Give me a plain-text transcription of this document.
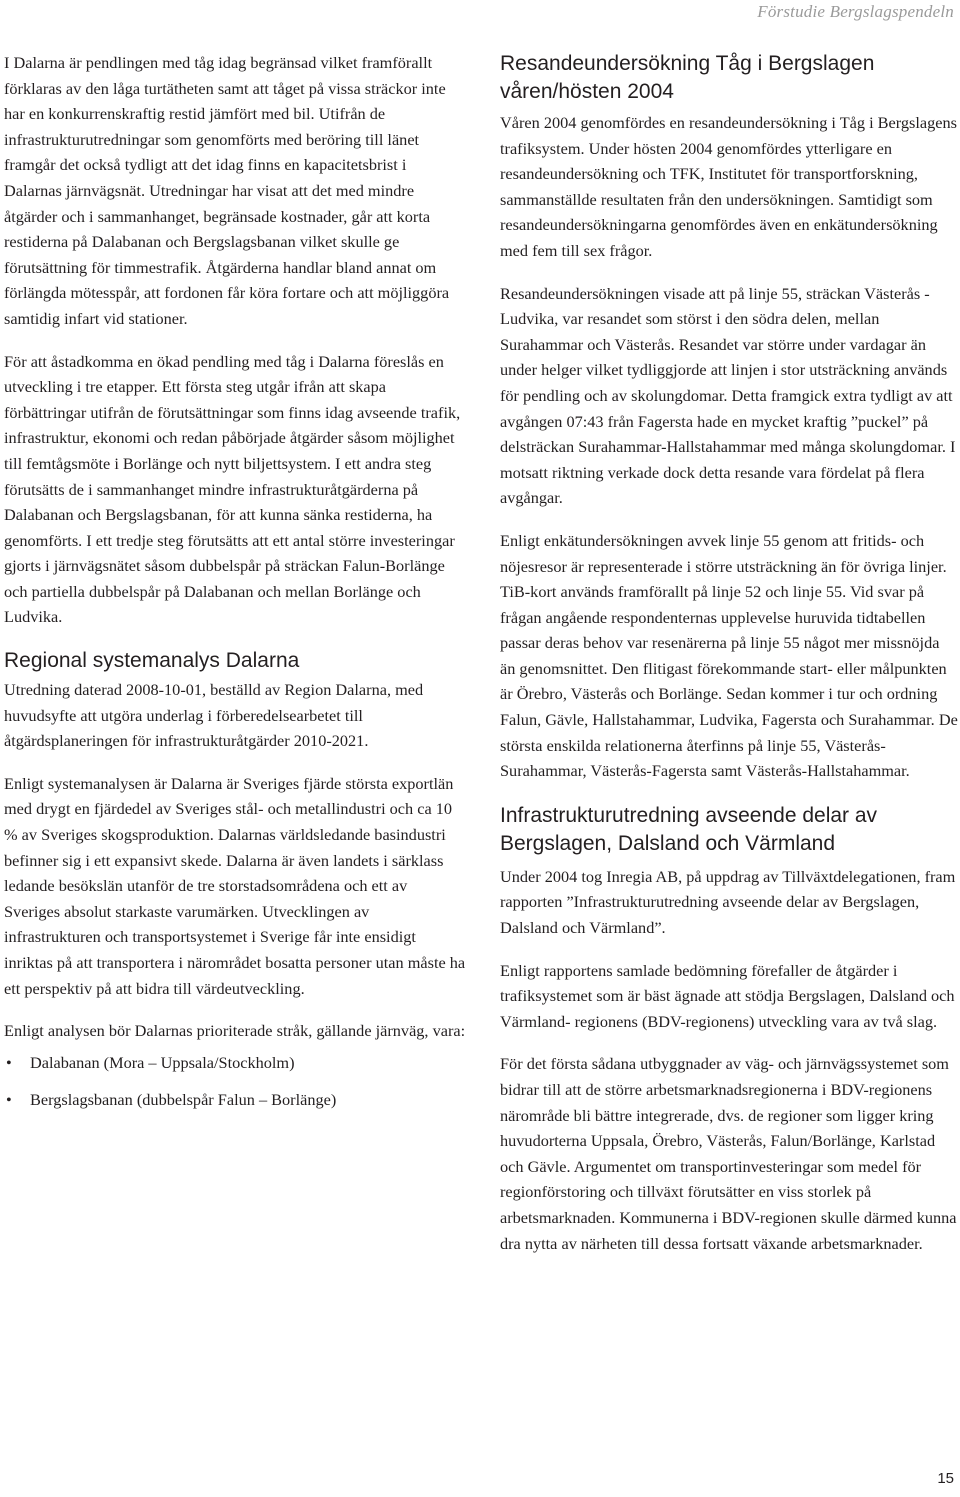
Förstudie Bergslagspendeln

I Dalarna är pendlingen med tåg idag begränsad vilket framförallt förklaras av den låga turtätheten samt att tåget på vissa sträckor inte har en konkurrenskraftig restid jämfört med bil. Utifrån de infrastrukturutredningar som genomförts med beröring till länet framgår det också tydligt att det idag finns en kapacitetsbrist i Dalarnas järnvägsnät. Utredningar har visat att det med mindre åtgärder och i sammanhanget, begränsade kostnader, går att korta restiderna på Dalabanan och Bergslagsbanan vilket skulle ge förutsättning för timmestrafik. Åtgärderna handlar bland annat om förlängda mötesspår, att fordonen får köra fortare och att möjliggöra samtidig infart vid stationer.

För att åstadkomma en ökad pendling med tåg i Dalarna föreslås en utveckling i tre etapper. Ett första steg utgår ifrån att skapa förbättringar utifrån de förutsättningar som finns idag avseende trafik, infrastruktur, ekonomi och redan påbörjade åtgärder såsom möjlighet till femtågsmöte i Borlänge och nytt biljettsystem. I ett andra steg förutsätts de i sammanhanget mindre infrastrukturåtgärderna på Dalabanan och Bergslagsbanan, för att kunna sänka restiderna, ha genomförts. I ett tredje steg förutsätts att ett antal större investeringar gjorts i järnvägsnätet såsom dubbelspår på sträckan Falun-Borlänge och partiella dubbelspår på Dalabanan och mellan Borlänge och Ludvika.

Regional systemanalys Dalarna

Utredning daterad 2008-10-01, beställd av Region Dalarna, med huvudsyfte att utgöra underlag i förberedelsearbetet till åtgärdsplaneringen för infrastrukturåtgärder 2010-2021.

Enligt systemanalysen är Dalarna är Sveriges fjärde största exportlän med drygt en fjärdedel av Sveriges stål- och metallindustri och ca 10 % av Sveriges skogsproduktion. Dalarnas världsledande basindustri befinner sig i ett expansivt skede. Dalarna är även landets i särklass ledande besökslän utanför de tre storstadsområdena och ett av Sveriges absolut starkaste varumärken. Utvecklingen av infrastrukturen och transportsystemet i Sverige får inte ensidigt inriktas på att transportera i närområdet bosatta personer utan måste ha ett perspektiv på att bidra till värdeutveckling.

Enligt analysen bör Dalarnas prioriterade stråk, gällande järnväg, vara:

• Dalabanan (Mora – Uppsala/Stockholm)
• Bergslagsbanan (dubbelspår Falun – Borlänge)
Resandeundersökning Tåg i Bergslagen våren/hösten 2004

Våren 2004 genomfördes en resandeundersökning i Tåg i Bergslagens trafiksystem. Under hösten 2004 genomfördes ytterligare en resandeundersökning och TFK, Institutet för transportforskning, sammanställde resultaten från den undersökningen. Samtidigt som resandeundersökningarna genomfördes även en enkätundersökning med fem till sex frågor.

Resandeundersökningen visade att på linje 55, sträckan Västerås - Ludvika, var resandet som störst i den södra delen, mellan Surahammar och Västerås. Resandet var större under vardagar än under helger vilket tydliggjorde att linjen i stor utsträckning används för pendling och av skolungdomar. Detta framgick extra tydligt av att avgången 07:43 från Fagersta hade en mycket kraftig ”puckel” på delsträckan Surahammar-Hallstahammar med många skolungdomar. I motsatt riktning verkade dock detta resande vara fördelat på flera avgångar.

Enligt enkätundersökningen avvek linje 55 genom att fritids- och nöjesresor är representerade i större utsträckning än för övriga linjer. TiB-kort används framförallt på linje 52 och linje 55. Vid svar på frågan angående respondenternas upplevelse huruvida tidtabellen passar deras behov var resenärerna på linje 55 något mer missnöjda än genomsnittet. Den flitigast förekommande start- eller målpunkten är Örebro, Västerås och Borlänge. Sedan kommer i tur och ordning Falun, Gävle, Hallstahammar, Ludvika, Fagersta och Surahammar. De största enskilda relationerna återfinns på linje 55, Västerås-Surahammar, Västerås-Fagersta samt Västerås-Hallstahammar.

Infrastrukturutredning avseende delar av Bergslagen, Dalsland och Värmland

Under 2004 tog Inregia AB, på uppdrag av Tillväxtdelegationen, fram rapporten ”Infrastrukturutredning avseende delar av Bergslagen, Dalsland och Värmland”.

Enligt rapportens samlade bedömning förefaller de åtgärder i trafiksystemet som är bäst ägnade att stödja Bergslagen, Dalsland och Värmland- regionens (BDV-regionens) utveckling vara av två slag.

För det första sådana utbyggnader av väg- och järnvägssystemet som bidrar till att de större arbetsmarknadsregionerna i BDV-regionens närområde bli bättre integrerade, dvs. de regioner som ligger kring huvudorterna Uppsala, Örebro, Västerås, Falun/Borlänge, Karlstad och Gävle. Argumentet om transportinvesteringar som medel för regionförstoring och tillväxt förutsätter en viss storlek på arbetsmarknaden. Kommunerna i BDV-regionen skulle därmed kunna dra nytta av närheten till dessa fortsatt växande arbetsmarknader.

15
